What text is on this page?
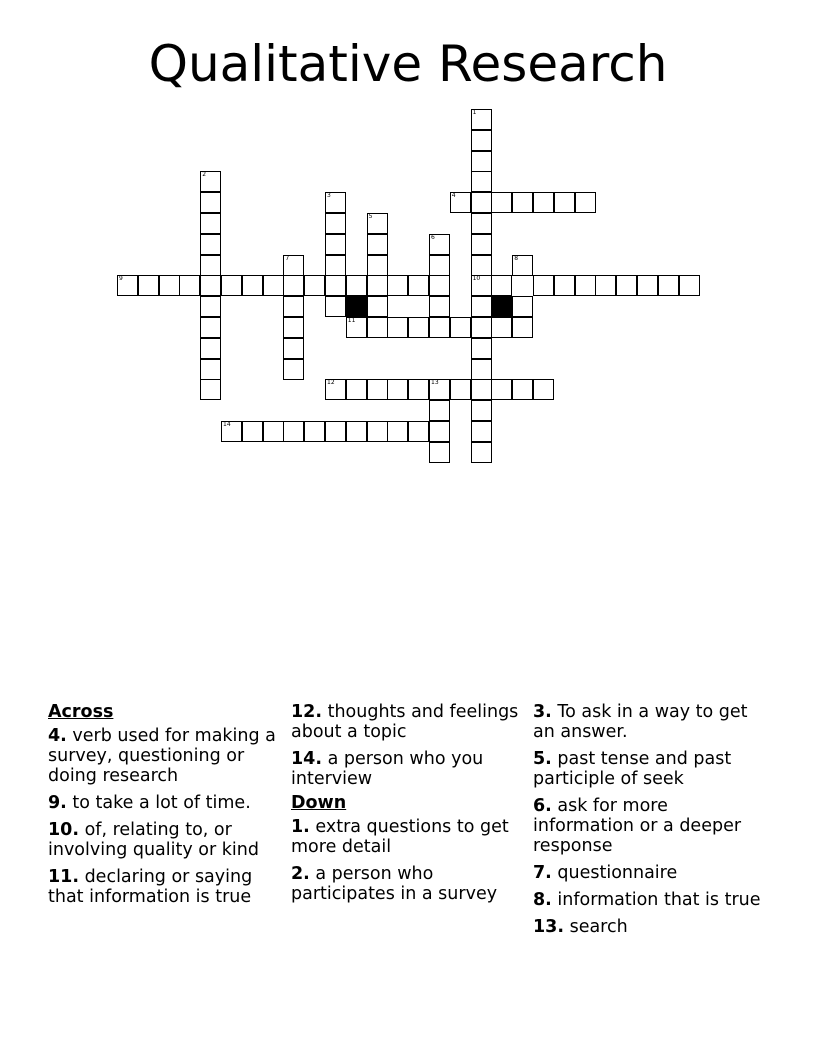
Qualitative Research
1
2
3	4
5
6
7	8
9	10
11
12	13
14
Across
4. verb used for making a survey, questioning or doing research
9. to take a lot of time.
10. of, relating to, or involving quality or kind
11. declaring or saying that information is true
12. thoughts and feelings about a topic
14. a person who you interview
Down
1. extra questions to get more detail
2. a person who participates in a survey
3. To ask in a way to get an answer.
5. past tense and past participle of seek
6. ask for more information or a deeper response
7. questionnaire
8. information that is true
13. search
